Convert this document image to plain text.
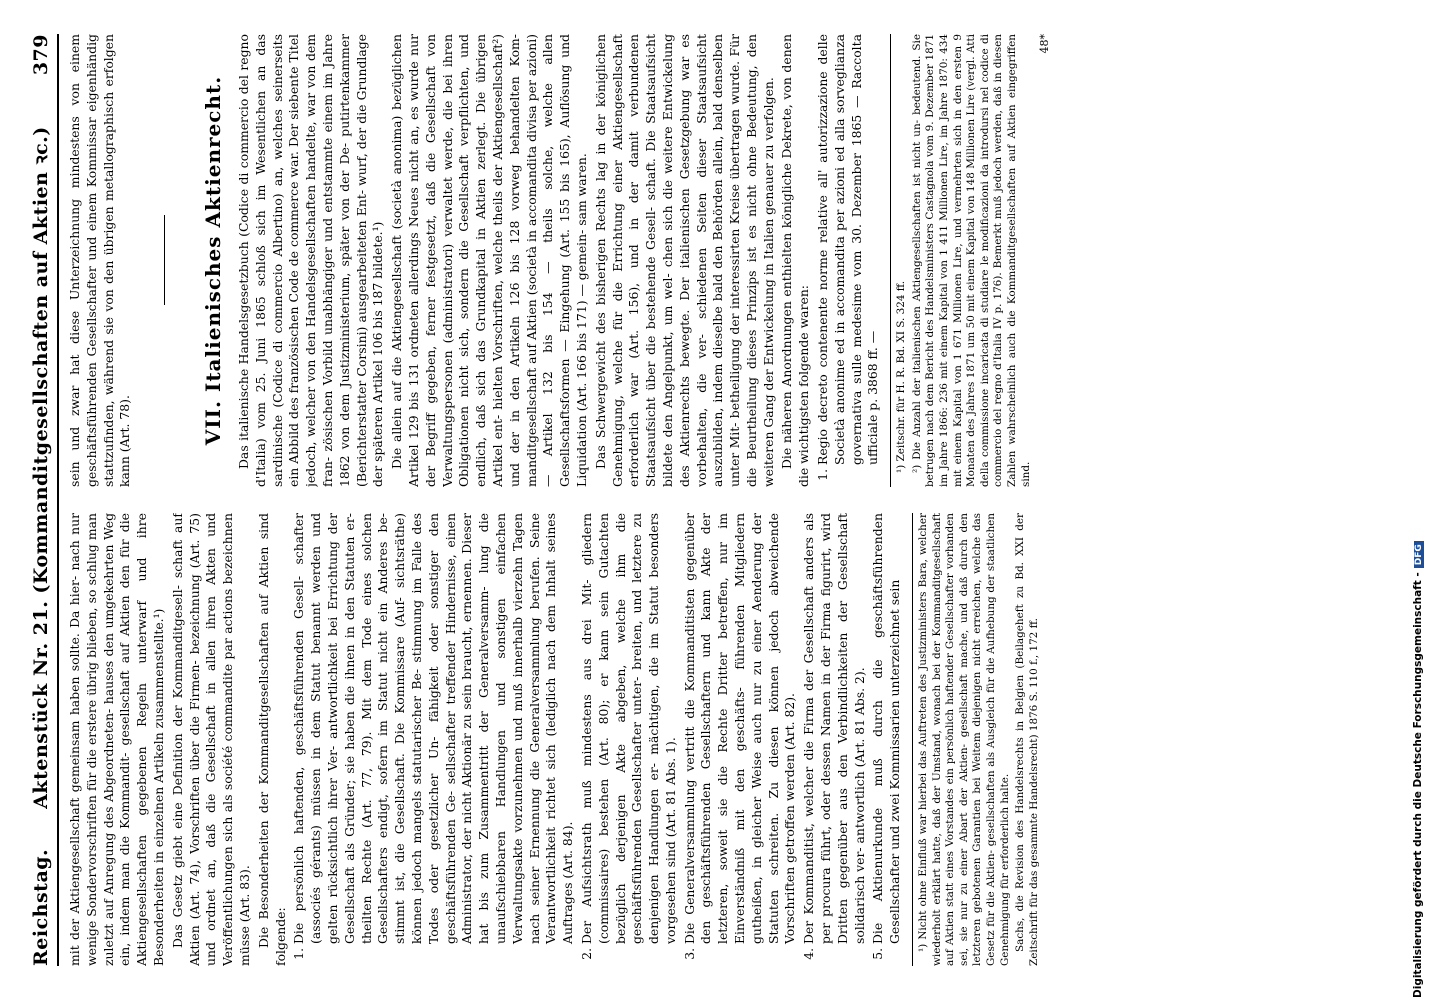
Reichstag.
Aktenstück Nr. 21. (Kommanditgesellschaften auf Aktien ꝛc.)
379

mit der Aktiengesellschaft gemeinsam haben sollte. Da hier- nach nur wenige Sondervorschriften für die erstere übrig blieben, so schlug man zuletzt auf Anregung des Abgeordneten- hauses den umgekehrten Weg ein, indem man die Kommandit- gesellschaft auf Aktien den für die Aktiengesellschaften gegebenen Regeln unterwarf und ihre Besonderheiten in einzelnen Artikeln zusammenstellte.¹) Das Gesetz giebt eine Definition der Kommanditgesell- schaft auf Aktien (Art. 74), Vorschriften über die Firmen- bezeichnung (Art. 75) und ordnet an, daß die Gesellschaft in allen ihren Akten und Veröffentlichungen sich als société commandite par actions bezeichnen müsse (Art. 83). Die Besonderheiten der Kommanditgesellschaften auf Aktien sind folgende: 1. Die persönlich haftenden, geschäftsführenden Gesell- schafter (associés gérants) müssen in dem Statut benannt werden und gelten rücksichtlich ihrer Ver- antwortlichkeit bei Errichtung der Gesellschaft als Gründer; sie haben die ihnen in den Statuten er- theilten Rechte (Art. 77, 79). Mit dem Tode eines solchen Gesellschafters endigt, sofern im Statut nicht ein Anderes be- stimmt ist, die Gesellschaft. Die Kommissare (Auf- sichtsräthe) können jedoch mangels statutarischer Be- stimmung im Falle des Todes oder gesetzlicher Un- fähigkeit oder sonstiger den geschäftsführenden Ge- sellschafter treffender Hindernisse, einen Administrator, der nicht Aktionär zu sein braucht, ernennen. Dieser hat bis zum Zusammentritt der Generalversamm- lung die unaufschiebbaren Handlungen und sonstigen einfachen Verwaltungsakte vorzunehmen und muß innerhalb vierzehn Tagen nach seiner Ernennung die Generalversammlung berufen. Seine Verantwortlichkeit richtet sich (lediglich nach dem Inhalt seines Auftrages (Art. 84). 2. Der Aufsichtsrath muß mindestens aus drei Mit- gliedern (commissaires) bestehen (Art. 80); er kann sein Gutachten bezüglich derjenigen Akte abgeben, welche ihm die geschäftsführenden Gesellschafter unter- breiten, und letztere zu denjenigen Handlungen er- mächtigen, die im Statut besonders vorgesehen sind (Art. 81 Abs. 1). 3. Die Generalversammlung vertritt die Kommanditisten gegenüber den geschäftsführenden Gesellschaftern und kann Akte der letzteren, soweit sie die Rechte Dritter betreffen, nur im Einverständniß mit den geschäfts- führenden Mitgliedern gutheißen, in gleicher Weise auch nur zu einer Aenderung der Statuten schreiten. Zu diesen können jedoch abweichende Vorschriften getroffen werden (Art. 82). 4. Der Kommanditist, welcher die Firma der Gesellschaft anders als per procura führt, oder dessen Namen in der Firma figurirt, wird Dritten gegenüber aus den Verbindlichkeiten der Gesellschaft solidarisch ver- antwortlich (Art. 81 Abs. 2). 5. Die Aktienurkunde muß durch die geschäftsführenden Gesellschafter und zwei Kommissarien unterzeichnet sein ¹) Nicht ohne Einfluß war hierbei das Auftreten des Justizministers Bara, welcher wiederholt erklärt hatte, daß der Umstand, wonach bei der Kommanditgesellschaft auf Aktien statt eines Vorstandes ein persönlich haftender Gesellschafter vorhanden sei, sie nur zu einer Abart der Aktien- gesellschaft mache, und daß durch den letzteren gebotenen Garantien bei Weitem diejenigen nicht erreichen, welche das Gesetz für die Aktien- gesellschaften als Ausgleich für die Aufhebung der staatlichen Genehmigung für erforderlich halte. Sachs, die Revision des Handelsrechts in Belgien (Beilageheft zu Bd. XXI der Zeitschrift für das gesammte Handelsrecht) 1876 S. 110 f., 172 ff.

sein und zwar hat diese Unterzeichnung mindestens von einem geschäftsführenden Gesellschafter und einem Kommissar eigenhändig stattzufinden, während sie von den übrigen metallographisch erfolgen kann (Art. 78).	VII. Italienisches Aktienrecht. Das italienische Handelsgesetzbuch (Codice di commercio del regno d'Italia) vom 25. Juni 1865 schloß sich im Wesentlichen an das sardinische (Codice di commercio Albertino) an, welches seinerseits ein Abbild des französischen Code de commerce war. Der siebente Titel jedoch, welcher von den Handelsgesellschaften handelte, war von dem fran- zösischen Vorbild unabhängiger und entstammte einem im Jahre 1862 von dem Justizministerium, später von der De- putirtenkammer (Berichterstatter Corsini) ausgearbeiteten Ent- wurf, der die Grundlage der späteren Artikel 106 bis 187 bildete.¹) Die allein auf die Aktiengesellschaft (società anonima) bezüglichen Artikel 129 bis 131 ordneten allerdings Neues nicht an, es wurde nur der Begriff gegeben, ferner festgesetzt, daß die Gesellschaft von Verwaltungspersonen (administratori) verwaltet werde, die bei ihren Obligationen nicht sich, sondern die Gesellschaft verpflichten, und endlich, daß sich das Grundkapital in Aktien zerlegt. Die übrigen Artikel ent- hielten Vorschriften, welche theils der Aktiengesellschaft²) und der in den Artikeln 126 bis 128 vorweg behandelten Kom- manditgesellschaft auf Aktien (società in accomandita divisa per azioni) — Artikel 132 bis 154 — theils solche, welche allen Gesellschaftsformen — Eingehung (Art. 155 bis 165), Auflösung und Liquidation (Art. 166 bis 171) — gemein- sam waren. Das Schwergewicht des bisherigen Rechts lag in der königlichen Genehmigung, welche für die Errichtung einer Aktiengesellschaft erforderlich war (Art. 156), und in der damit verbundenen Staatsaufsicht über die bestehende Gesell- schaft. Die Staatsaufsicht bildete den Angelpunkt, um wel- chen sich die weitere Entwickelung des Aktienrechts bewegte. Der italienischen Gesetzgebung war es vorbehalten, die ver- schiedenen Seiten dieser Staatsaufsicht auszubilden, indem dieselbe bald den Behörden allein, bald denselben unter Mit- betheiligung der interessirten Kreise übertragen wurde. Für die Beurtheilung dieses Prinzips ist es nicht ohne Bedeutung, den weiteren Gang der Entwickelung in Italien genauer zu verfolgen. Die näheren Anordnungen enthielten königliche Dekrete, von denen die wichtigsten folgende waren: 1. Regio decreto contenente norme relative all' autorizzazione delle Società anonime ed in accomandita per azioni ed alla sorveglianza governativa sulle medesime vom 30. Dezember 1865 — Raccolta ufficiale p. 3868 ff. — ¹) Zeitschr. für H. R. Bd. XI S. 324 ff. ²) Die Anzahl der italienischen Aktiengesellschaften ist nicht un- bedeutend. Sie betrugen nach dem Bericht des Handelsministers Castagnola vom 9. Dezember 1871 im Jahre 1866: 236 mit einem Kapital von 1 411 Millionen Lire, im Jahre 1870: 434 mit einem Kapital von 1 671 Millionen Lire, und vermehrten sich in den ersten 9 Monaten des Jahres 1871 um 50 mit einem Kapital von 148 Millionen Lire (vergl. Atti della commissione incaricata di studiare le modificazioni da introdursi nel codice di commercio del regno d'Italia IV p. 176). Bemerkt muß jedoch werden, daß in diesen Zahlen wahrscheinlich auch die Kommanditgesellschaften auf Aktien eingegriffen sind.

48*
Digitalisierung gefördert durch die Deutsche Forschungsgemeinschaft -DFG
